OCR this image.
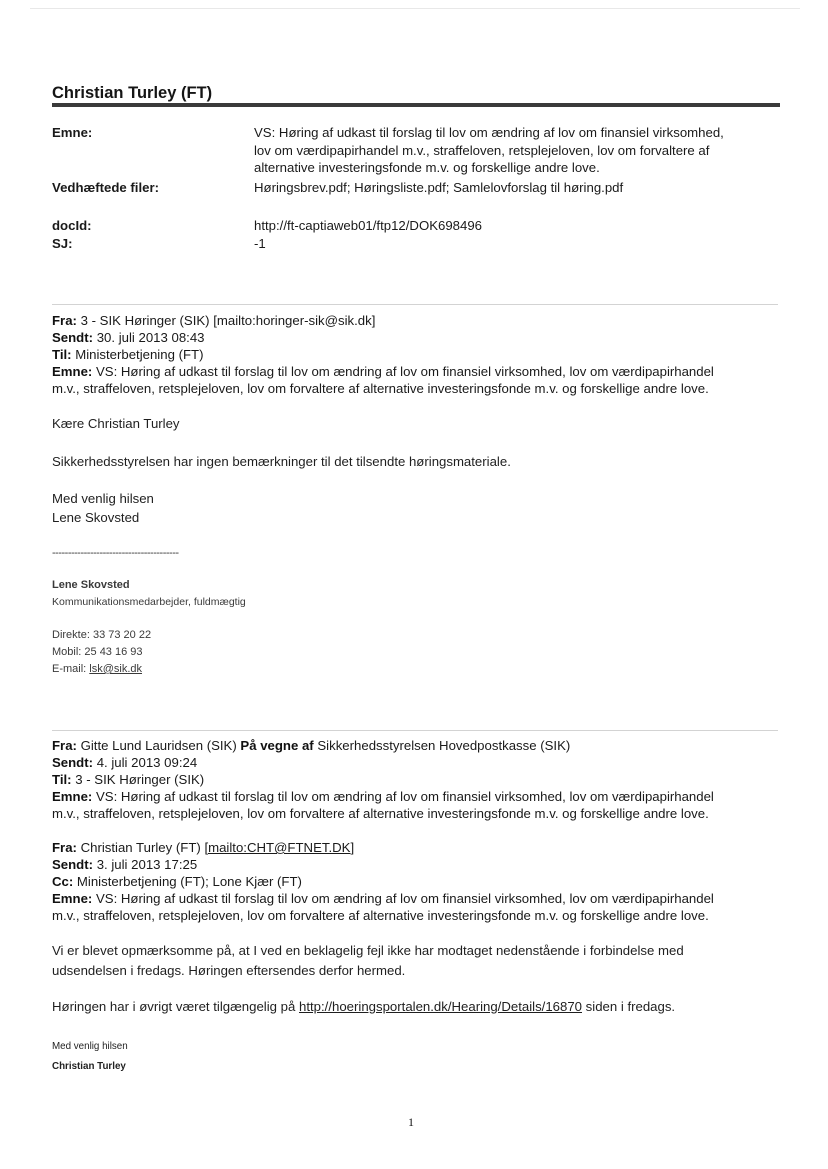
Christian Turley (FT)
Emne:	VS: Høring af udkast til forslag til lov om ændring af lov om finansiel virksomhed,
lov om værdipapirhandel m.v., straffeloven, retsplejeloven, lov om forvaltere af
alternative investeringsfonde m.v. og forskellige andre love.
Vedhæftede filer:	Høringsbrev.pdf; Høringsliste.pdf; Samlelovforslag til høring.pdf
docId:	http://ft-captiaweb01/ftp12/DOK698496
SJ:	-1
Fra: 3 - SIK Høringer (SIK) [mailto:horinger-sik@sik.dk]
Sendt: 30. juli 2013 08:43
Til: Ministerbetjening (FT)
Emne: VS: Høring af udkast til forslag til lov om ændring af lov om finansiel virksomhed, lov om værdipapirhandel
m.v., straffeloven, retsplejeloven, lov om forvaltere af alternative investeringsfonde m.v. og forskellige andre love.
Kære Christian Turley
Sikkerhedsstyrelsen har ingen bemærkninger til det tilsendte høringsmateriale.
Med venlig hilsen
Lene Skovsted
----------------------------------------
Lene Skovsted
Kommunikationsmedarbejder, fuldmægtig
Direkte: 33 73 20 22
Mobil: 25 43 16 93
E-mail: lsk@sik.dk
Fra: Gitte Lund Lauridsen (SIK) På vegne af Sikkerhedsstyrelsen Hovedpostkasse (SIK)
Sendt: 4. juli 2013 09:24
Til: 3 - SIK Høringer (SIK)
Emne: VS: Høring af udkast til forslag til lov om ændring af lov om finansiel virksomhed, lov om værdipapirhandel
m.v., straffeloven, retsplejeloven, lov om forvaltere af alternative investeringsfonde m.v. og forskellige andre love.
Fra: Christian Turley (FT) [mailto:CHT@FTNET.DK]
Sendt: 3. juli 2013 17:25
Cc: Ministerbetjening (FT); Lone Kjær (FT)
Emne: VS: Høring af udkast til forslag til lov om ændring af lov om finansiel virksomhed, lov om værdipapirhandel
m.v., straffeloven, retsplejeloven, lov om forvaltere af alternative investeringsfonde m.v. og forskellige andre love.
Vi er blevet opmærksomme på, at I ved en beklagelig fejl ikke har modtaget nedenstående i forbindelse med
udsendelsen i fredags. Høringen eftersendes derfor hermed.
Høringen har i øvrigt været tilgængelig på http://hoeringsportalen.dk/Hearing/Details/16870 siden i fredags.
Med venlig hilsen
Christian Turley
1
